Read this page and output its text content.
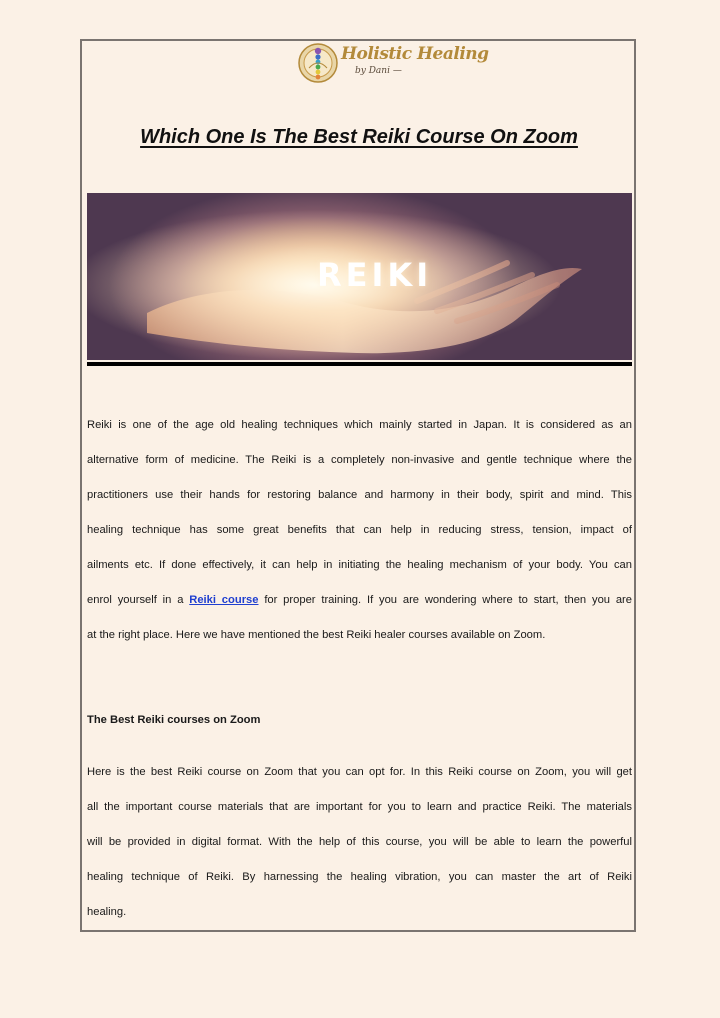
Holistic Healing
by Dani —
Which One Is The Best Reiki Course On Zoom
REIKI
Reiki is one of the age old healing techniques which mainly started in Japan. It is considered as an
alternative form of medicine. The Reiki is a completely non-invasive and gentle technique where the
practitioners use their hands for restoring balance and harmony in their body, spirit and mind. This
healing technique has some great benefits that can help in reducing stress, tension, impact of
ailments etc. If done effectively, it can help in initiating the healing mechanism of your body. You can
enrol yourself in a Reiki course for proper training. If you are wondering where to start, then you are
at the right place. Here we have mentioned the best Reiki healer courses available on Zoom.
The Best Reiki courses on Zoom
Here is the best Reiki course on Zoom that you can opt for. In this Reiki course on Zoom, you will get
all the important course materials that are important for you to learn and practice Reiki. The materials
will be provided in digital format. With the help of this course, you will be able to learn the powerful
healing technique of Reiki. By harnessing the healing vibration, you can master the art of Reiki
healing.
